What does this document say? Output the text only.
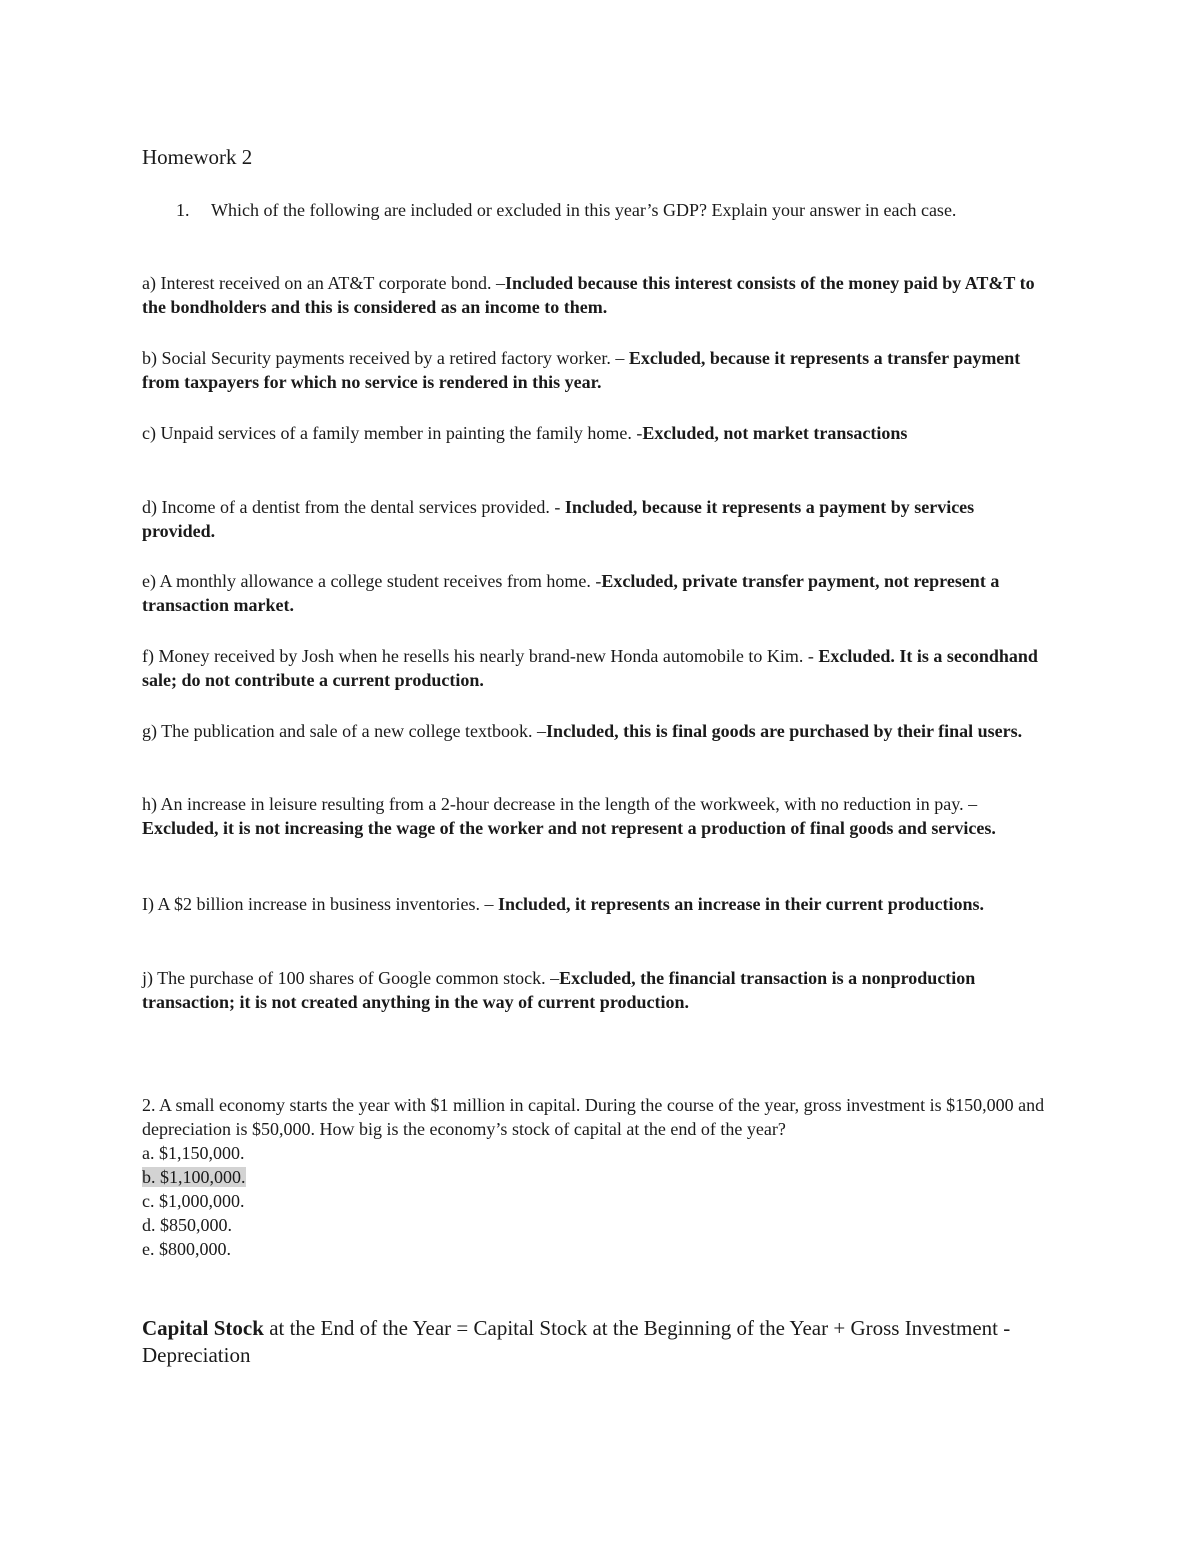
Homework 2
1. Which of the following are included or excluded in this year’s GDP? Explain your answer in each case.
a) Interest received on an AT&T corporate bond. –Included because this interest consists of the money paid by AT&T to the bondholders and this is considered as an income to them.
b) Social Security payments received by a retired factory worker. – Excluded, because it represents a transfer payment from taxpayers for which no service is rendered in this year.
c) Unpaid services of a family member in painting the family home. -Excluded, not market transactions
d) Income of a dentist from the dental services provided. - Included, because it represents a payment by services provided.
e) A monthly allowance a college student receives from home. -Excluded, private transfer payment, not represent a transaction market.
f) Money received by Josh when he resells his nearly brand-new Honda automobile to Kim. - Excluded. It is a secondhand sale; do not contribute a current production.
g) The publication and sale of a new college textbook. –Included, this is final goods are purchased by their final users.
h) An increase in leisure resulting from a 2-hour decrease in the length of the workweek, with no reduction in pay. –Excluded, it is not increasing the wage of the worker and not represent a production of final goods and services.
I) A $2 billion increase in business inventories. – Included, it represents an increase in their current productions.
j) The purchase of 100 shares of Google common stock. –Excluded, the financial transaction is a nonproduction transaction; it is not created anything in the way of current production.
2. A small economy starts the year with $1 million in capital. During the course of the year, gross investment is $150,000 and depreciation is $50,000. How big is the economy’s stock of capital at the end of the year?
a. $1,150,000.
b. $1,100,000.
c. $1,000,000.
d. $850,000.
e. $800,000.
Capital Stock at the End of the Year = Capital Stock at the Beginning of the Year + Gross Investment - Depreciation
